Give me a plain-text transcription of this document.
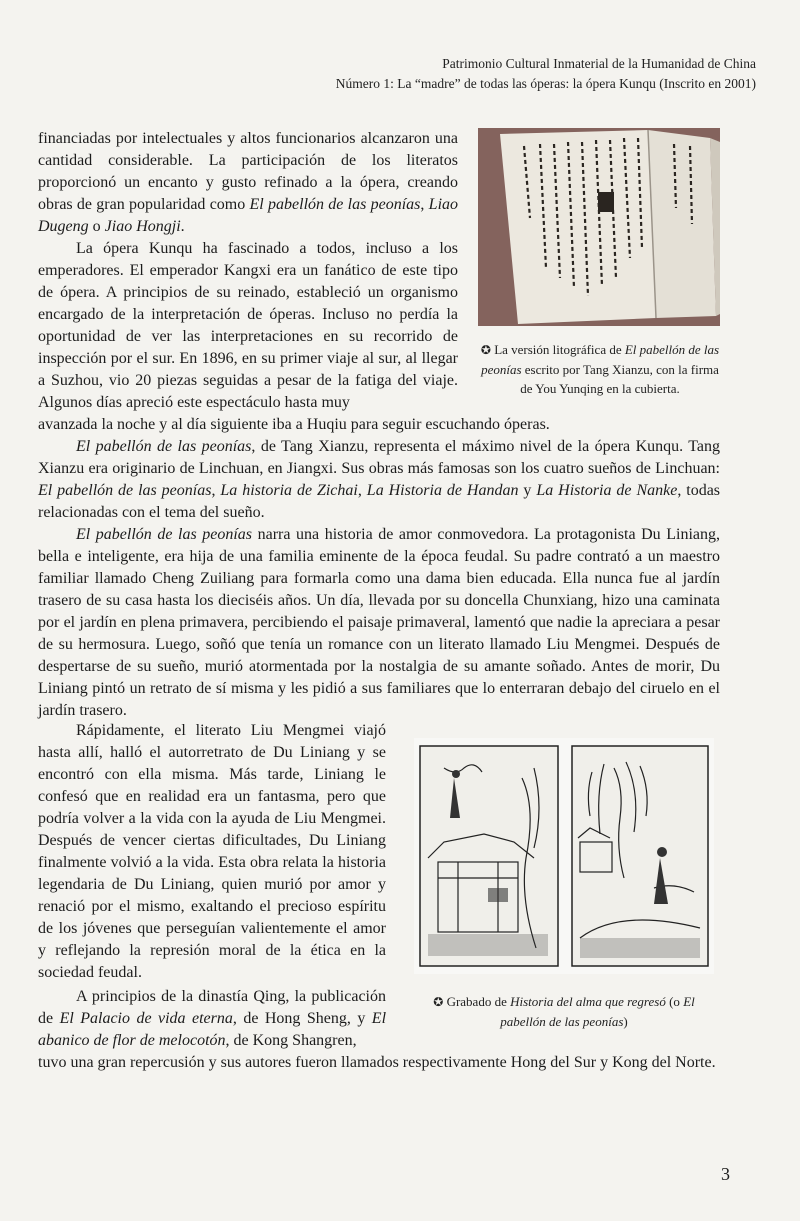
Patrimonio Cultural Inmaterial de la Humanidad de China
Número 1: La “madre” de todas las óperas: la ópera Kunqu (Inscrito en 2001)
✪ La versión litográfica de El pabellón de las peonías escrito por Tang Xianzu, con la firma de You Yunqing en la cubierta.
✪ Grabado de Historia del alma que regresó (o El pabellón de las peonías)

financiadas por intelectuales y altos funcionarios alcanzaron una cantidad considerable. La participación de los literatos proporcionó un encanto y gusto refinado a la ópera, creando obras de gran popularidad como El pabellón de las peonías, Liao Dugeng o Jiao Hongji.

La ópera Kunqu ha fascinado a todos, incluso a los emperadores. El emperador Kangxi era un fanático de este tipo de ópera. A principios de su reinado, estableció un organismo encargado de la interpretación de óperas. Incluso no perdía la oportunidad de ver las interpretaciones en su recorrido de inspección por el sur. En 1896, en su primer viaje al sur, al llegar a Suzhou, vio 20 piezas seguidas a pesar de la fatiga del viaje. Algunos días apreció este espectáculo hasta muy

avanzada la noche y al día siguiente iba a Huqiu para seguir escuchando óperas.

El pabellón de las peonías, de Tang Xianzu, representa el máximo nivel de la ópera Kunqu. Tang Xianzu era originario de Linchuan, en Jiangxi. Sus obras más famosas son los cuatro sueños de Linchuan: El pabellón de las peonías, La historia de Zichai, La Historia de Handan y La Historia de Nanke, todas relacionadas con el tema del sueño.

El pabellón de las peonías narra una historia de amor conmovedora. La protagonista Du Liniang, bella e inteligente, era hija de una familia eminente de la época feudal. Su padre contrató a un maestro familiar llamado Cheng Zuiliang para formarla como una dama bien educada. Ella nunca fue al jardín trasero de su casa hasta los dieciséis años. Un día, llevada por su doncella Chunxiang, hizo una caminata por el jardín en plena primavera, percibiendo el paisaje primaveral, lamentó que nadie la apreciara a pesar de su hermosura. Luego, soñó que tenía un romance con un literato llamado Liu Mengmei. Después de despertarse de su sueño, murió atormentada por la nostalgia de su amante soñado. Antes de morir, Du Liniang pintó un retrato de sí misma y les pidió a sus familiares que lo enterraran debajo del ciruelo en el jardín trasero.

Rápidamente, el literato Liu Mengmei viajó hasta allí, halló el autorretrato de Du Liniang y se encontró con ella misma. Más tarde, Liniang le confesó que en realidad era un fantasma, pero que podría volver a la vida con la ayuda de Liu Mengmei. Después de vencer ciertas dificultades, Du Liniang finalmente volvió a la vida. Esta obra relata la historia legendaria de Du Liniang, quien murió por amor y renació por el mismo, exaltando el precioso espíritu de los jóvenes que perseguían valientemente el amor y reflejando la represión moral de la ética en la sociedad feudal.

A principios de la dinastía Qing, la publicación de El Palacio de vida eterna, de Hong Sheng, y El abanico de flor de melocotón, de Kong Shangren,

tuvo una gran repercusión y sus autores fueron llamados respectivamente Hong del Sur y Kong del Norte.

3
